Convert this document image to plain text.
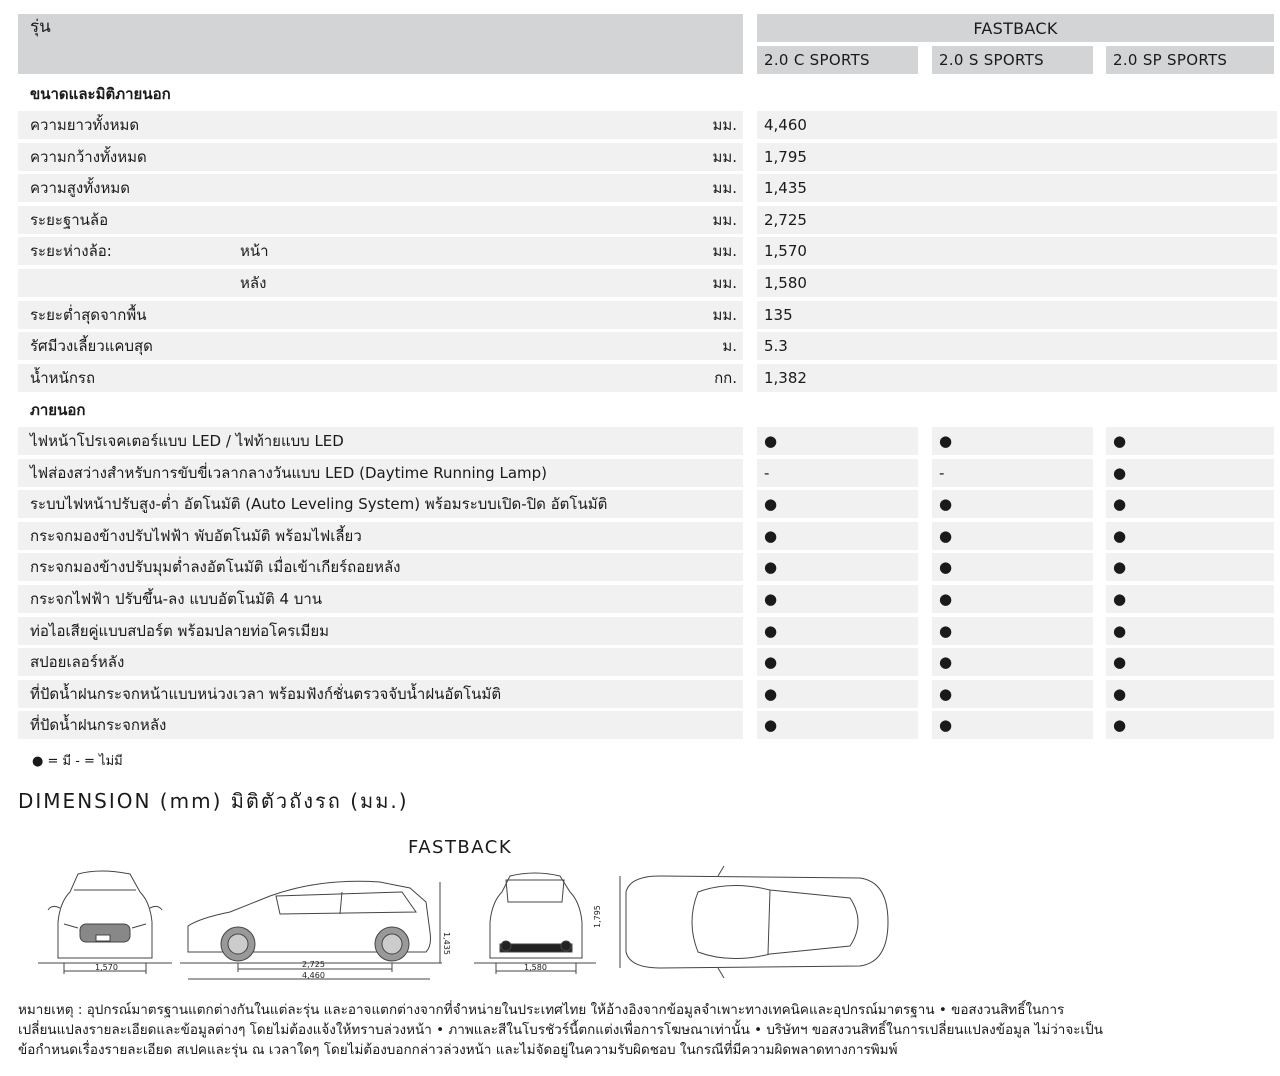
รุ่น	FASTBACK
2.0 C SPORTS	2.0 S SPORTS	2.0 SP SPORTS
ขนาดและมิติภายนอก
ความยาวทั้งหมด	มม.	4,460
ความกว้างทั้งหมด	มม.	1,795
ความสูงทั้งหมด	มม.	1,435
ระยะฐานล้อ	มม.	2,725
ระยะห่างล้อ:	หน้า	มม.	1,570
หลัง	มม.	1,580
ระยะต่ำสุดจากพื้น	มม.	135
รัศมีวงเลี้ยวแคบสุด	ม.	5.3
น้ำหนักรถ	กก.	1,382
ภายนอก
ไฟหน้าโปรเจคเตอร์แบบ LED / ไฟท้ายแบบ LED	●	●	●
ไฟส่องสว่างสำหรับการขับขี่เวลากลางวันแบบ LED (Daytime Running Lamp)	-	-	●
ระบบไฟหน้าปรับสูง-ต่ำ อัตโนมัติ (Auto Leveling System) พร้อมระบบเปิด-ปิด อัตโนมัติ	●	●	●
กระจกมองข้างปรับไฟฟ้า พับอัตโนมัติ พร้อมไฟเลี้ยว	●	●	●
กระจกมองข้างปรับมุมต่ำลงอัตโนมัติ เมื่อเข้าเกียร์ถอยหลัง	●	●	●
กระจกไฟฟ้า ปรับขึ้น-ลง แบบอัตโนมัติ 4 บาน	●	●	●
ท่อไอเสียคู่แบบสปอร์ต พร้อมปลายท่อโครเมียม	●	●	●
สปอยเลอร์หลัง	●	●	●
ที่ปัดน้ำฝนกระจกหน้าแบบหน่วงเวลา พร้อมฟังก์ชั่นตรวจจับน้ำฝนอัตโนมัติ	●	●	●
ที่ปัดน้ำฝนกระจกหลัง	●	●	●
● = มี - = ไม่มี
DIMENSION (mm) มิติตัวถังรถ (มม.)
FASTBACK
1,570	2,725
4,460
1,435
1,580
1,795
หมายเหตุ : อุปกรณ์มาตรฐานแตกต่างกันในแต่ละรุ่น และอาจแตกต่างจากที่จำหน่ายในประเทศไทย ให้อ้างอิงจากข้อมูลจำเพาะทางเทคนิคและอุปกรณ์มาตรฐาน • ขอสงวนสิทธิ์ในการเปลี่ยนแปลงรายละเอียดและข้อมูลต่างๆ โดยไม่ต้องแจ้งให้ทราบล่วงหน้า • ภาพและสีในโบรชัวร์นี้ตกแต่งเพื่อการโฆษณาเท่านั้น • บริษัทฯ ขอสงวนสิทธิ์ในการเปลี่ยนแปลงข้อมูล ไม่ว่าจะเป็นข้อกำหนดเรื่องรายละเอียด สเปคและรุ่น ณ เวลาใดๆ โดยไม่ต้องบอกกล่าวล่วงหน้า และไม่จัดอยู่ในความรับผิดชอบ ในกรณีที่มีความผิดพลาดทางการพิมพ์
